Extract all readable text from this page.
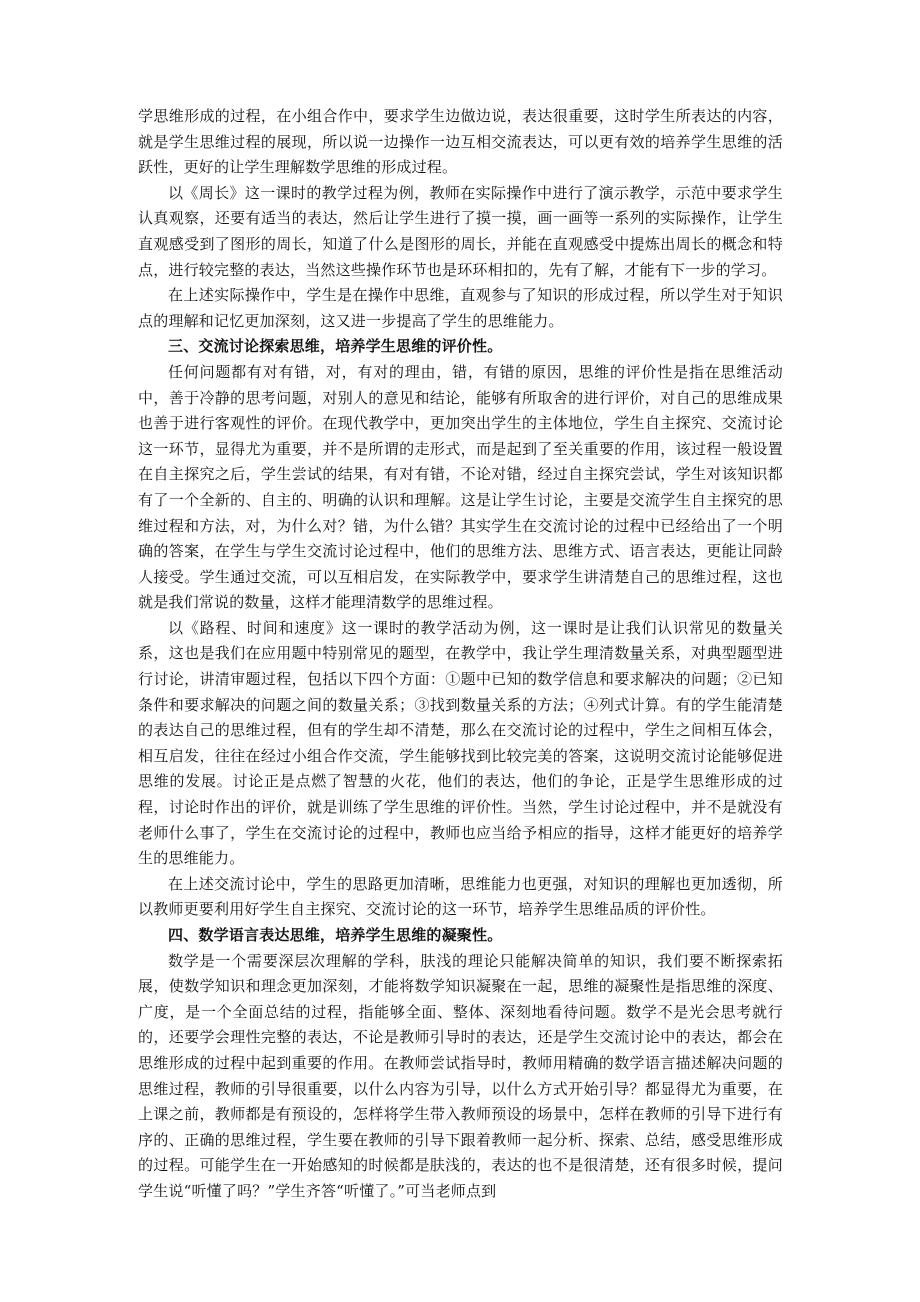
学思维形成的过程，在小组合作中，要求学生边做边说，表达很重要，这时学生所表达的内容，就是学生思维过程的展现，所以说一边操作一边互相交流表达，可以更有效的培养学生思维的活跃性，更好的让学生理解数学思维的形成过程。

以《周长》这一课时的教学过程为例，教师在实际操作中进行了演示教学，示范中要求学生认真观察，还要有适当的表达，然后让学生进行了摸一摸，画一画等一系列的实际操作，让学生直观感受到了图形的周长，知道了什么是图形的周长，并能在直观感受中提炼出周长的概念和特点，进行较完整的表达，当然这些操作环节也是环环相扣的，先有了解，才能有下一步的学习。

在上述实际操作中，学生是在操作中思维，直观参与了知识的形成过程，所以学生对于知识点的理解和记忆更加深刻，这又进一步提高了学生的思维能力。

三、交流讨论探索思维，培养学生思维的评价性。

任何问题都有对有错，对，有对的理由，错，有错的原因，思维的评价性是指在思维活动中，善于冷静的思考问题，对别人的意见和结论，能够有所取舍的进行评价，对自己的思维成果也善于进行客观性的评价。在现代教学中，更加突出学生的主体地位，学生自主探究、交流讨论这一环节，显得尤为重要，并不是所谓的走形式，而是起到了至关重要的作用，该过程一般设置在自主探究之后，学生尝试的结果，有对有错，不论对错，经过自主探究尝试，学生对该知识都有了一个全新的、自主的、明确的认识和理解。这是让学生讨论，主要是交流学生自主探究的思维过程和方法，对，为什么对？错，为什么错？其实学生在交流讨论的过程中已经给出了一个明确的答案，在学生与学生交流讨论过程中，他们的思维方法、思维方式、语言表达，更能让同龄人接受。学生通过交流，可以互相启发，在实际教学中，要求学生讲清楚自己的思维过程，这也就是我们常说的数量，这样才能理清数学的思维过程。

以《路程、时间和速度》这一课时的教学活动为例，这一课时是让我们认识常见的数量关系，这也是我们在应用题中特别常见的题型，在教学中，我让学生理清数量关系，对典型题型进行讨论，讲清审题过程，包括以下四个方面：①题中已知的数学信息和要求解决的问题；②已知条件和要求解决的问题之间的数量关系；③找到数量关系的方法；④列式计算。有的学生能清楚的表达自己的思维过程，但有的学生却不清楚，那么在交流讨论的过程中，学生之间相互体会，相互启发，往往在经过小组合作交流，学生能够找到比较完美的答案，这说明交流讨论能够促进思维的发展。讨论正是点燃了智慧的火花，他们的表达，他们的争论，正是学生思维形成的过程，讨论时作出的评价，就是训练了学生思维的评价性。当然，学生讨论过程中，并不是就没有老师什么事了，学生在交流讨论的过程中，教师也应当给予相应的指导，这样才能更好的培养学生的思维能力。

在上述交流讨论中，学生的思路更加清晰，思维能力也更强，对知识的理解也更加透彻，所以教师更要利用好学生自主探究、交流讨论的这一环节，培养学生思维品质的评价性。

四、数学语言表达思维，培养学生思维的凝聚性。

数学是一个需要深层次理解的学科，肤浅的理论只能解决简单的知识，我们要不断探索拓展，使数学知识和理念更加深刻，才能将数学知识凝聚在一起，思维的凝聚性是指思维的深度、广度，是一个全面总结的过程，指能够全面、整体、深刻地看待问题。数学不是光会思考就行的，还要学会理性完整的表达，不论是教师引导时的表达，还是学生交流讨论中的表达，都会在思维形成的过程中起到重要的作用。在教师尝试指导时，教师用精确的数学语言描述解决问题的思维过程，教师的引导很重要，以什么内容为引导，以什么方式开始引导？都显得尤为重要，在上课之前，教师都是有预设的，怎样将学生带入教师预设的场景中，怎样在教师的引导下进行有序的、正确的思维过程，学生要在教师的引导下跟着教师一起分析、探索、总结，感受思维形成的过程。可能学生在一开始感知的时候都是肤浅的，表达的也不是很清楚，还有很多时候，提问学生说“听懂了吗？”学生齐答“听懂了。”可当老师点到
